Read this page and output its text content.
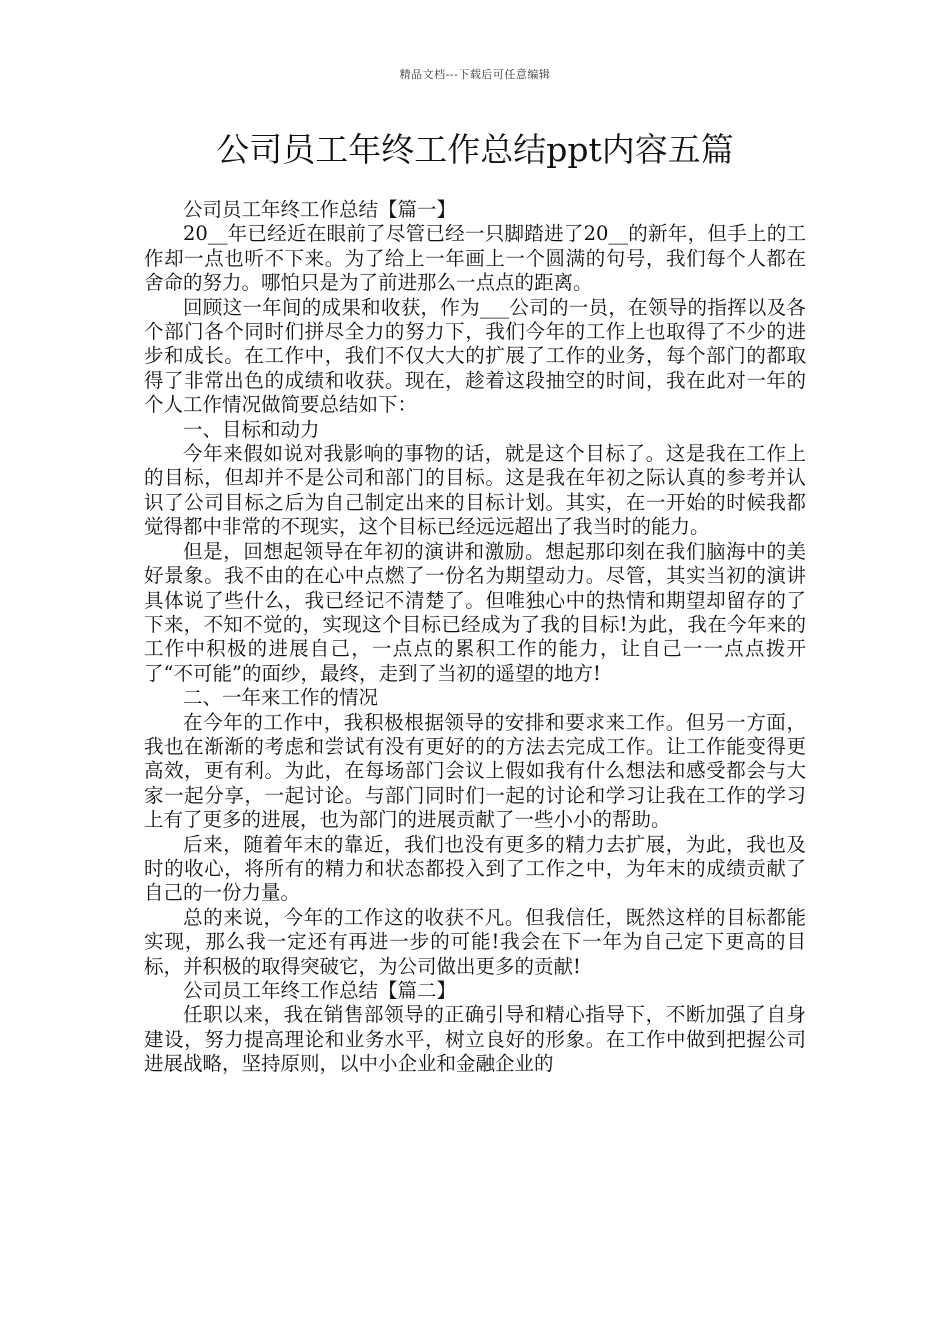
精品文档---下载后可任意编辑
公司员工年终工作总结ppt内容五篇

公司员工年终工作总结【篇一】

20__年已经近在眼前了尽管已经一只脚踏进了20__的新年，但手上的工作却一点也听不下来。为了给上一年画上一个圆满的句号，我们每个人都在舍命的努力。哪怕只是为了前进那么一点点的距离。

回顾这一年间的成果和收获，作为___公司的一员，在领导的指挥以及各个部门各个同时们拼尽全力的努力下，我们今年的工作上也取得了不少的进步和成长。在工作中，我们不仅大大的扩展了工作的业务，每个部门的都取得了非常出色的成绩和收获。现在，趁着这段抽空的时间，我在此对一年的个人工作情况做简要总结如下：

一、目标和动力

今年来假如说对我影响的事物的话，就是这个目标了。这是我在工作上的目标，但却并不是公司和部门的目标。这是我在年初之际认真的参考并认识了公司目标之后为自己制定出来的目标计划。其实，在一开始的时候我都觉得都中非常的不现实，这个目标已经远远超出了我当时的能力。

但是，回想起领导在年初的演讲和激励。想起那印刻在我们脑海中的美好景象。我不由的在心中点燃了一份名为期望动力。尽管，其实当初的演讲具体说了些什么，我已经记不清楚了。但唯独心中的热情和期望却留存的了下来，不知不觉的，实现这个目标已经成为了我的目标!为此，我在今年来的工作中积极的进展自己，一点点的累积工作的能力，让自己一一点点拨开了“不可能”的面纱，最终，走到了当初的遥望的地方!

二、一年来工作的情况

在今年的工作中，我积极根据领导的安排和要求来工作。但另一方面，我也在渐渐的考虑和尝试有没有更好的的方法去完成工作。让工作能变得更高效，更有利。为此，在每场部门会议上假如我有什么想法和感受都会与大家一起分享，一起讨论。与部门同时们一起的讨论和学习让我在工作的学习上有了更多的进展，也为部门的进展贡献了一些小小的帮助。

后来，随着年末的靠近，我们也没有更多的精力去扩展，为此，我也及时的收心，将所有的精力和状态都投入到了工作之中，为年末的成绩贡献了自己的一份力量。

总的来说，今年的工作这的收获不凡。但我信任，既然这样的目标都能实现，那么我一定还有再进一步的可能!我会在下一年为自己定下更高的目标，并积极的取得突破它，为公司做出更多的贡献!

公司员工年终工作总结【篇二】

任职以来，我在销售部领导的正确引导和精心指导下，不断加强了自身建设，努力提高理论和业务水平，树立良好的形象。在工作中做到把握公司进展战略，坚持原则，以中小企业和金融企业的
